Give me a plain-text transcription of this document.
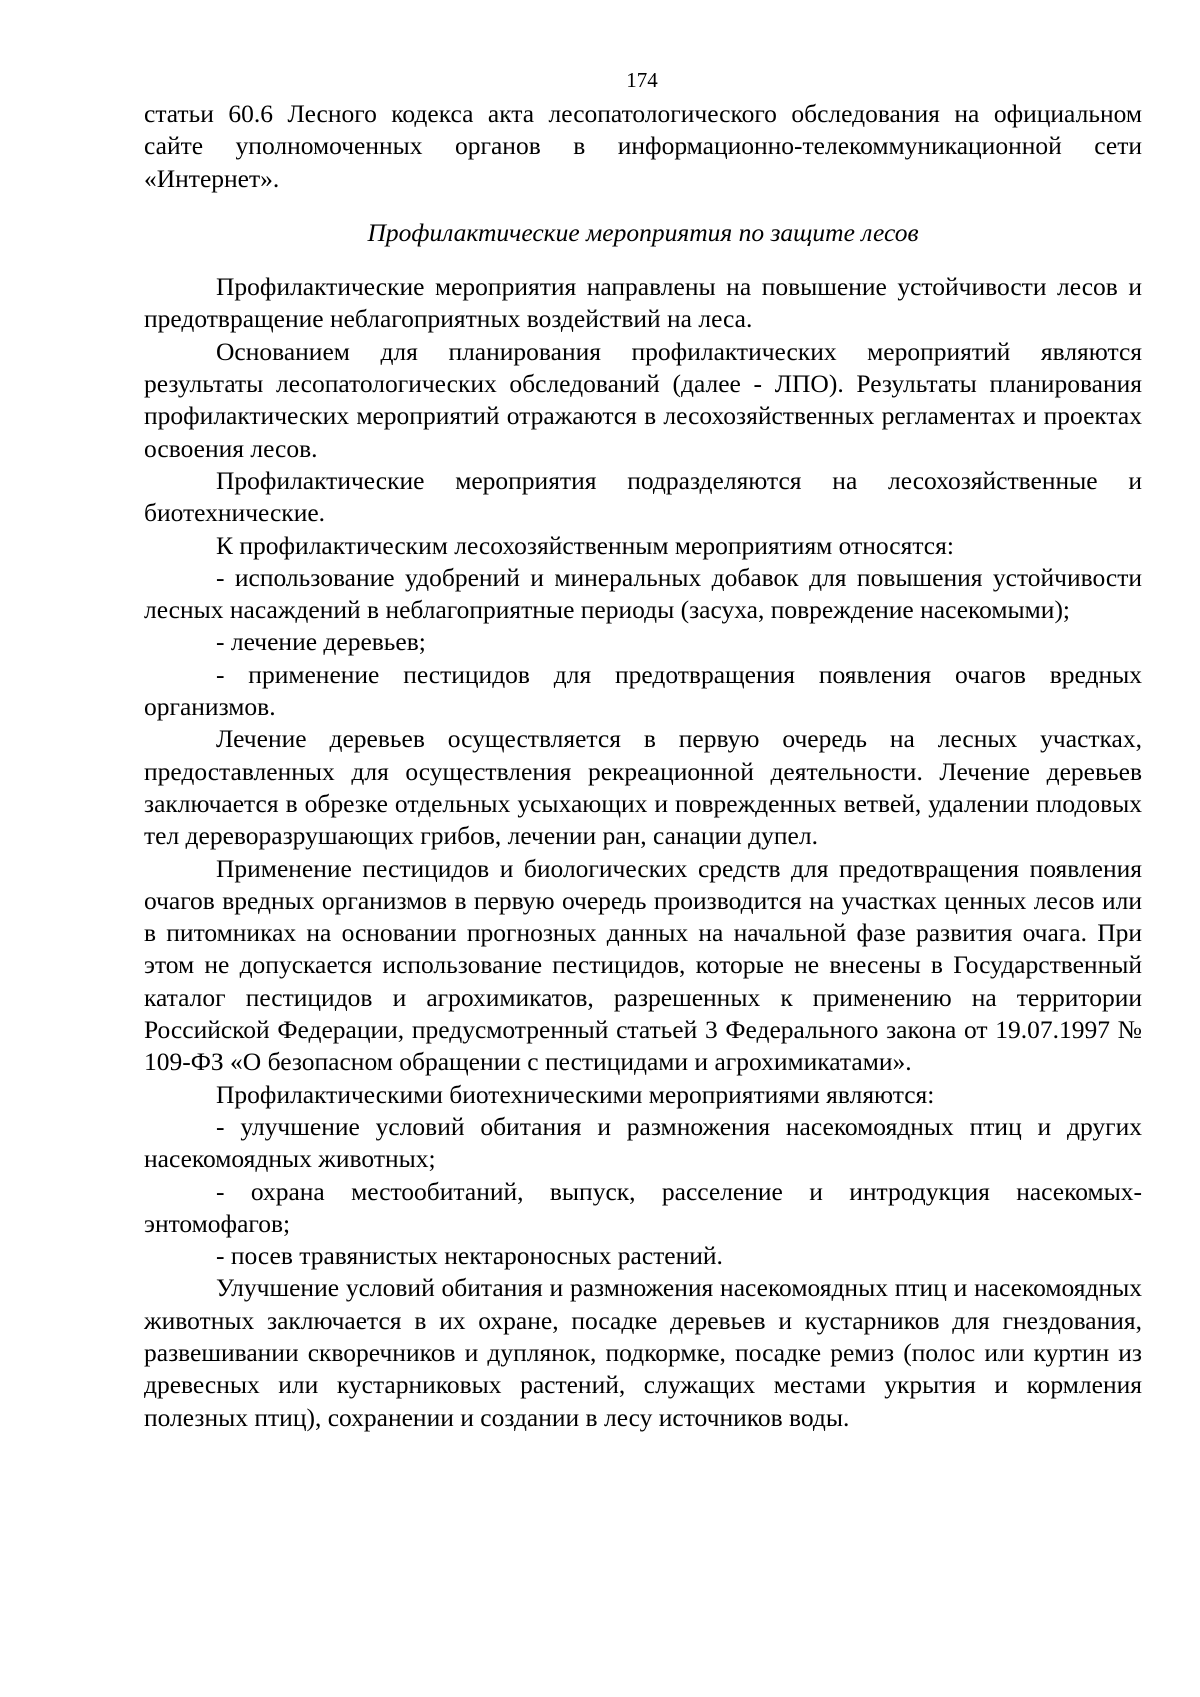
174

статьи 60.6 Лесного кодекса акта лесопатологического обследования на официальном сайте уполномоченных органов в информационно-телекоммуникационной сети «Интернет».

Профилактические мероприятия по защите лесов

Профилактические мероприятия направлены на повышение устойчивости лесов и предотвращение неблагоприятных воздействий на леса.

Основанием для планирования профилактических мероприятий являются результаты лесопатологических обследований (далее - ЛПО). Результаты планирования профилактических мероприятий отражаются в лесохозяйственных регламентах и проектах освоения лесов.

Профилактические мероприятия подразделяются на лесохозяйственные и биотехнические.

К профилактическим лесохозяйственным мероприятиям относятся:

- использование удобрений и минеральных добавок для повышения устойчивости лесных насаждений в неблагоприятные периоды (засуха, повреждение насекомыми);

- лечение деревьев;

- применение пестицидов для предотвращения появления очагов вредных организмов.

Лечение деревьев осуществляется в первую очередь на лесных участках, предоставленных для осуществления рекреационной деятельности. Лечение деревьев заключается в обрезке отдельных усыхающих и поврежденных ветвей, удалении плодовых тел дереворазрушающих грибов, лечении ран, санации дупел.

Применение пестицидов и биологических средств для предотвращения появления очагов вредных организмов в первую очередь производится на участках ценных лесов или в питомниках на основании прогнозных данных на начальной фазе развития очага. При этом не допускается использование пестицидов, которые не внесены в Государственный каталог пестицидов и агрохимикатов, разрешенных к применению на территории Российской Федерации, предусмотренный статьей 3 Федерального закона от 19.07.1997 № 109-ФЗ «О безопасном обращении с пестицидами и агрохимикатами».

Профилактическими биотехническими мероприятиями являются:

- улучшение условий обитания и размножения насекомоядных птиц и других насекомоядных животных;

- охрана местообитаний, выпуск, расселение и интродукция насекомых-энтомофагов;

- посев травянистых нектароносных растений.

Улучшение условий обитания и размножения насекомоядных птиц и насекомоядных животных заключается в их охране, посадке деревьев и кустарников для гнездования, развешивании скворечников и дуплянок, подкормке, посадке ремиз (полос или куртин из древесных или кустарниковых растений, служащих местами укрытия и кормления полезных птиц), сохранении и создании в лесу источников воды.
